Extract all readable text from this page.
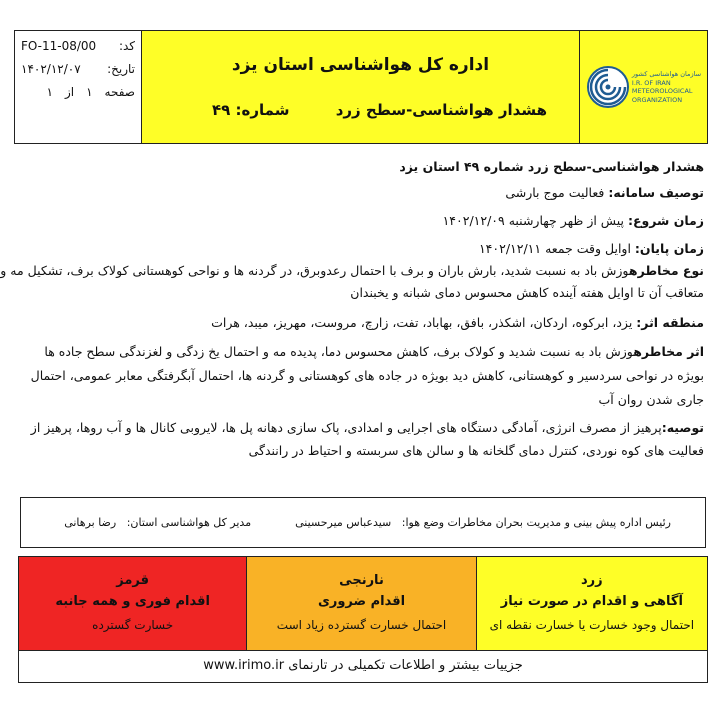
کد:
FO-11-08/00
تاریخ:
۱۴۰۲/۱۲/۰۷
صفحه
۱
از
۱
اداره کل هواشناسی استان یزد
هشدار هواشناسی-سطح زرد
شماره: ۴۹
سازمان هواشناسی کشور
I.R. OF IRAN
METEOROLOGICAL
ORGANIZATION
هشدار هواشناسی-سطح زرد شماره ۴۹ استان یزد
توصیف سامانه: فعالیت موج بارشی
زمان شروع: پیش از ظهر چهارشنبه ۱۴۰۲/۱۲/۰۹
زمان پایان: اوایل وقت جمعه ۱۴۰۲/۱۲/۱۱
نوع مخاطرهوزش باد به نسبت شدید، بارش باران و برف با احتمال رعدوبرق، در گردنه ها و نواحی کوهستانی کولاک برف، تشکیل مه و
متعاقب آن تا اوایل هفته آینده کاهش محسوس دمای شبانه و یخبندان
منطقه اثر: یزد، ابرکوه، اردکان، اشکذر، بافق، بهاباد، تفت، زارچ، مروست، مهریز، میبد، هرات
اثر مخاطرهوزش باد به نسبت شدید و کولاک برف، کاهش محسوس دما، پدیده مه و احتمال یخ زدگی و لغزندگی سطح جاده ها بویژه در نواحی سردسیر و کوهستانی، کاهش دید بویژه در جاده های کوهستانی و گردنه ها، احتمال آبگرفتگی معابر عمومی، احتمال جاری شدن روان آب
توصیه:پرهیز از مصرف انرژی، آمادگی دستگاه های اجرایی و امدادی، پاک سازی دهانه پل ها، لایروبی کانال ها و آب روها، پرهیز از فعالیت های کوه نوردی، کنترل دمای گلخانه ها و سالن های سربسته و احتیاط در رانندگی
رئیس اداره پیش بینی و مدیریت بحران مخاطرات وضع هوا:   سیدعباس میرحسینی
مدیر کل هواشناسی استان:   رضا برهانی
قرمز
اقدام فوری و همه جانبه
خسارت گسترده
نارنجی
اقدام ضروری
احتمال خسارت گسترده زیاد است
زرد
آگاهی و اقدام در صورت نیاز
احتمال وجود خسارت یا خسارت نقطه ای
جزییات بیشتر و اطلاعات تکمیلی در تارنمای www.irimo.ir
